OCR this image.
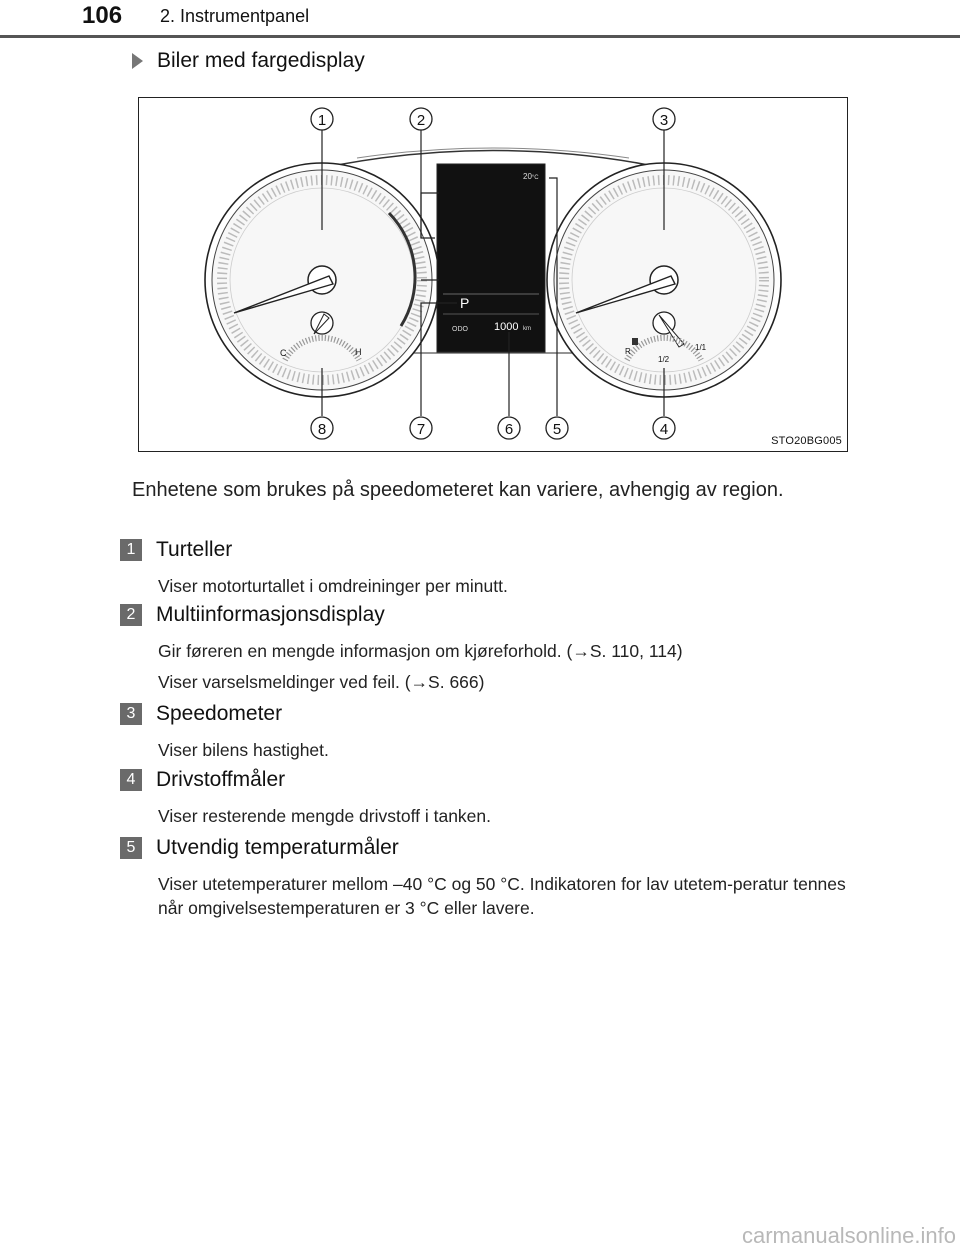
106 2. Instrumentpanel
Biler med fargedisplay
C	H	R
1/2
1/1
20°C
P
ODO 1000 km
1	2	3
4
5
6
7
8
STO20BG005
Enhetene som brukes på speedometeret kan variere, avhengig av region.
1 Turteller

Viser motorturtallet i omdreininger per minutt.

2 Multiinformasjonsdisplay

Gir føreren en mengde informasjon om kjøreforhold. (→S. 110, 114)

Viser varselsmeldinger ved feil. (→S. 666)

3 Speedometer

Viser bilens hastighet.

4 Drivstoffmåler

Viser resterende mengde drivstoff i tanken.

5 Utvendig temperaturmåler

Viser utetemperaturer mellom –40 °C og 50 °C. Indikatoren for lav utetem-peratur tennes når omgivelsestemperaturen er 3 °C eller lavere.

carmanualsonline.info
